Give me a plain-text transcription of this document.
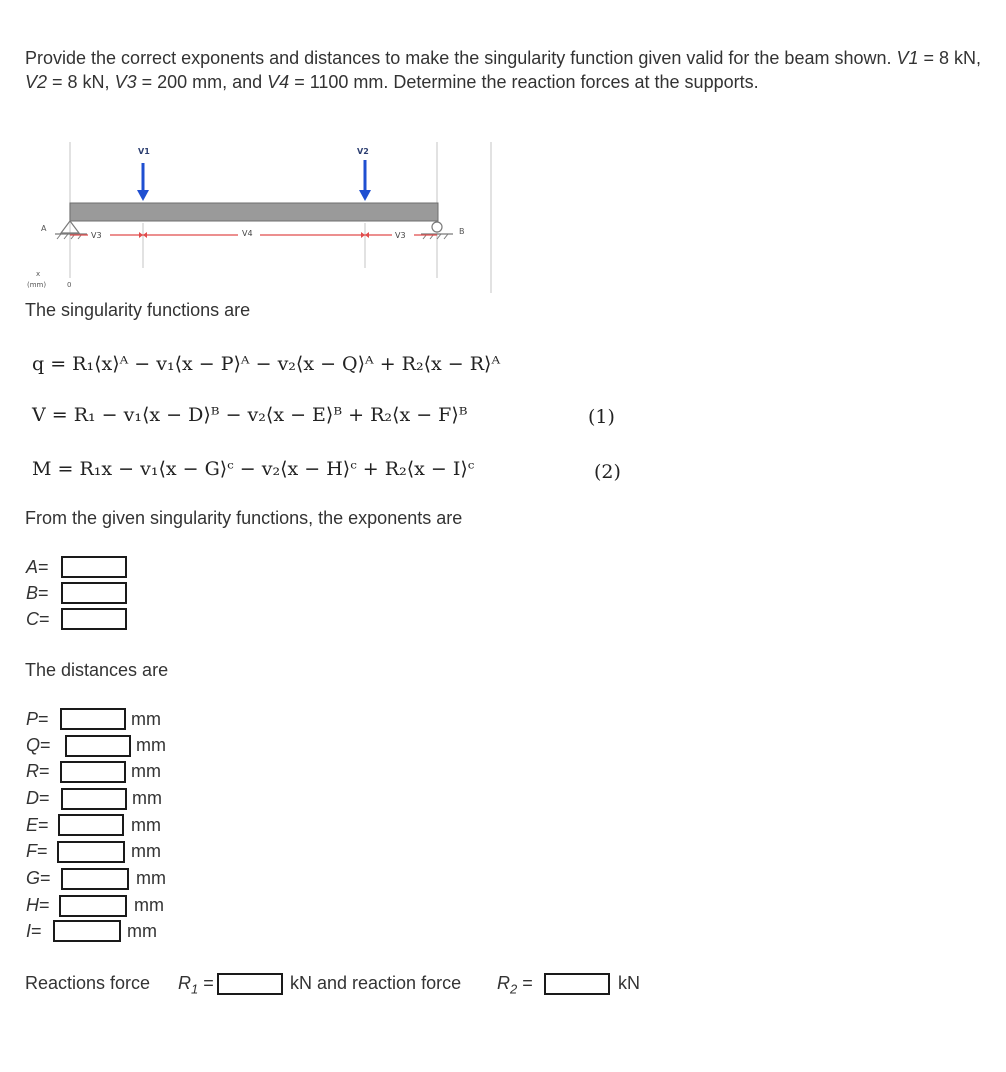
Provide the correct exponents and distances to make the singularity function given valid for the beam shown. V1 = 8 kN, V2 = 8 kN, V3 = 200 mm, and V4 = 1100 mm. Determine the reaction forces at the supports.
V1	V2
A	B
V3	V4	V3
x
(mm)	0
The singularity functions are
q = R₁⟨x⟩ᴬ − v₁⟨x − P⟩ᴬ − v₂⟨x − Q⟩ᴬ + R₂⟨x − R⟩ᴬ
V = R₁ − v₁⟨x − D⟩ᴮ − v₂⟨x − E⟩ᴮ + R₂⟨x − F⟩ᴮ	(1)
M = R₁x − v₁⟨x − G⟩ᶜ − v₂⟨x − H⟩ᶜ + R₂⟨x − I⟩ᶜ	(2)
From the given singularity functions, the exponents are
A=
B=
C=
The distances are
P=	mm
Q=	mm
R=	mm
D=	mm
E=	mm
F=	mm
G=	mm
H=	mm
I=	mm
Reactions force $R_1$ =	kN and reaction force $R_2$ =	kN
